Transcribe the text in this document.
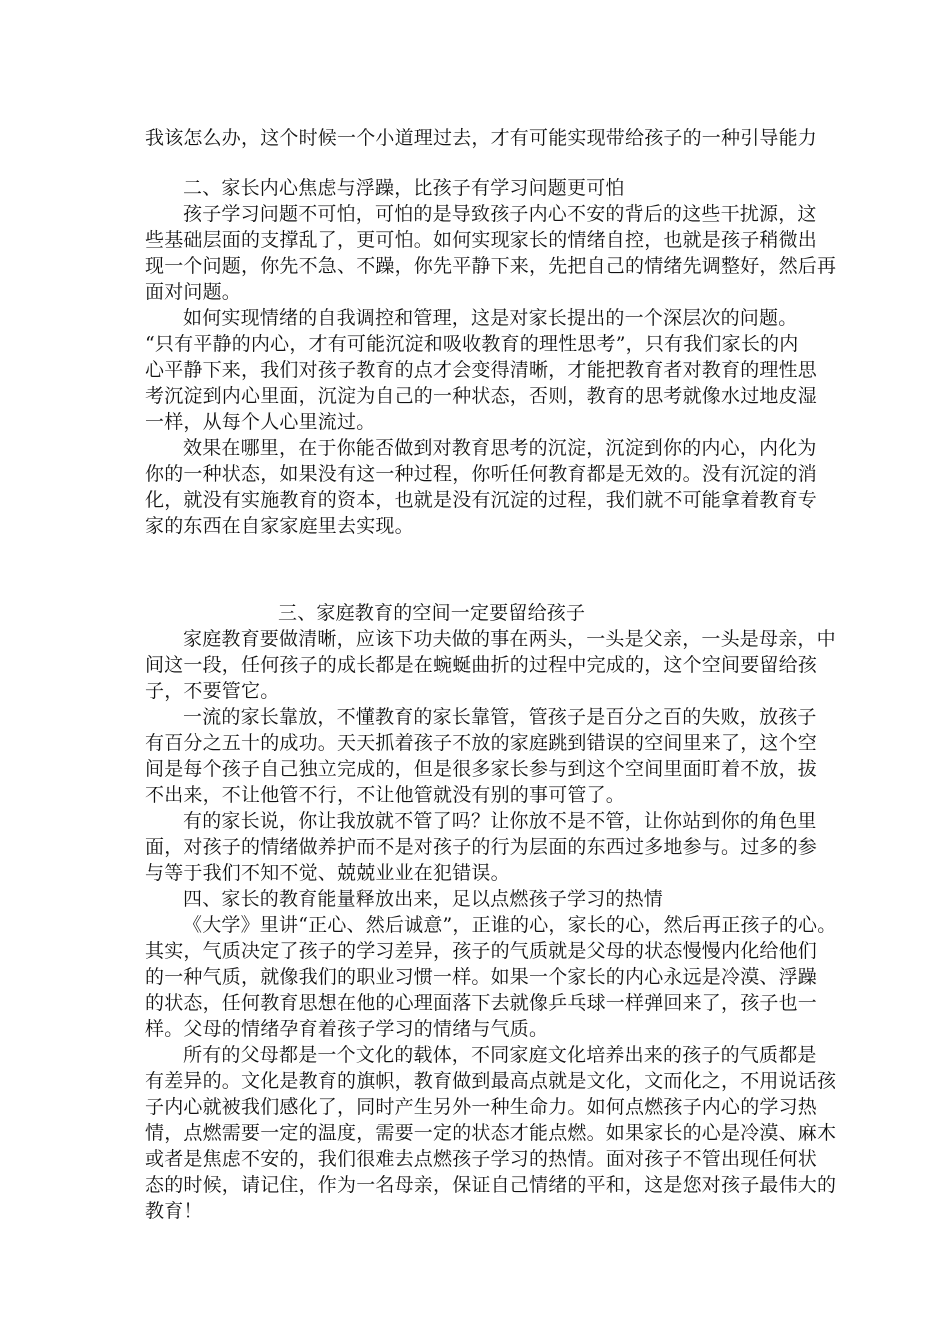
我该怎么办，这个时候一个小道理过去，才有可能实现带给孩子的一种引导能力
二、家长内心焦虑与浮躁，比孩子有学习问题更可怕
孩子学习问题不可怕，可怕的是导致孩子内心不安的背后的这些干扰源，这
些基础层面的支撑乱了，更可怕。如何实现家长的情绪自控，也就是孩子稍微出
现一个问题，你先不急、不躁，你先平静下来，先把自己的情绪先调整好，然后再
面对问题。
如何实现情绪的自我调控和管理，这是对家长提出的一个深层次的问题。
“只有平静的内心，才有可能沉淀和吸收教育的理性思考”，只有我们家长的内
心平静下来，我们对孩子教育的点才会变得清晰，才能把教育者对教育的理性思
考沉淀到内心里面，沉淀为自己的一种状态，否则，教育的思考就像水过地皮湿
一样，从每个人心里流过。
效果在哪里，在于你能否做到对教育思考的沉淀，沉淀到你的内心，内化为
你的一种状态，如果没有这一种过程，你听任何教育都是无效的。没有沉淀的消
化，就没有实施教育的资本，也就是没有沉淀的过程，我们就不可能拿着教育专
家的东西在自家家庭里去实现。
三、家庭教育的空间一定要留给孩子
家庭教育要做清晰，应该下功夫做的事在两头，一头是父亲，一头是母亲，中
间这一段，任何孩子的成长都是在蜿蜒曲折的过程中完成的，这个空间要留给孩
子，不要管它。
一流的家长靠放，不懂教育的家长靠管，管孩子是百分之百的失败，放孩子
有百分之五十的成功。天天抓着孩子不放的家庭跳到错误的空间里来了，这个空
间是每个孩子自己独立完成的，但是很多家长参与到这个空间里面盯着不放，拔
不出来，不让他管不行，不让他管就没有别的事可管了。
有的家长说，你让我放就不管了吗？让你放不是不管，让你站到你的角色里
面，对孩子的情绪做养护而不是对孩子的行为层面的东西过多地参与。过多的参
与等于我们不知不觉、兢兢业业在犯错误。
四、家长的教育能量释放出来，足以点燃孩子学习的热情
《大学》里讲“正心、然后诚意”，正谁的心，家长的心，然后再正孩子的心。
其实，气质决定了孩子的学习差异，孩子的气质就是父母的状态慢慢内化给他们
的一种气质，就像我们的职业习惯一样。如果一个家长的内心永远是冷漠、浮躁
的状态，任何教育思想在他的心理面落下去就像乒乓球一样弹回来了，孩子也一
样。父母的情绪孕育着孩子学习的情绪与气质。
所有的父母都是一个文化的载体，不同家庭文化培养出来的孩子的气质都是
有差异的。文化是教育的旗帜，教育做到最高点就是文化，文而化之，不用说话孩
子内心就被我们感化了，同时产生另外一种生命力。如何点燃孩子内心的学习热
情，点燃需要一定的温度，需要一定的状态才能点燃。如果家长的心是冷漠、麻木
或者是焦虑不安的，我们很难去点燃孩子学习的热情。面对孩子不管出现任何状
态的时候，请记住，作为一名母亲，保证自己情绪的平和，这是您对孩子最伟大的
教育！
